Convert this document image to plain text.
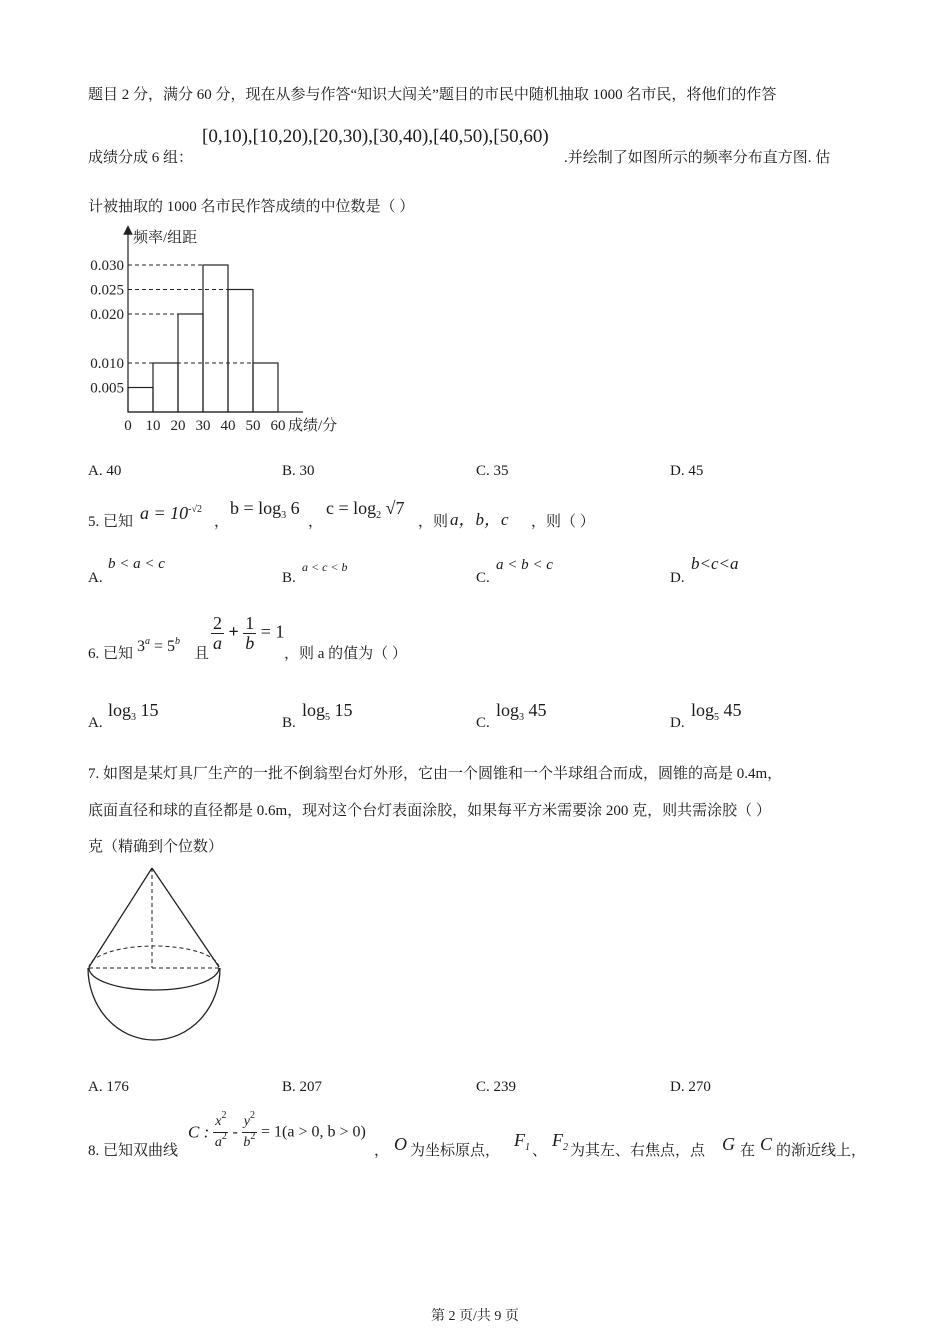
题目 2 分，满分 60 分，现在从参与作答“知识大闯关”题目的市民中随机抽取 1000 名市民，将他们的作答
成绩分成 6 组：
[0,10),[10,20),[20,30),[30,40),[40,50),[50,60)
.并绘制了如图所示的频率分布直方图. 估
计被抽取的 1000 名市民作答成绩的中位数是（ ）
频率/组距
成绩/分
0.005
0.010
0.020
0.025
0.030
0 10 20 30 40 50 60
A. 40	B. 30	C. 35	D. 45
5. 已知 $a = 10^{-√2}$
，
$b = \log_3 6$
，
$c = \log_2 √7$
，则 a，b，c ，则（ ）
A.
b < a < c
B.
a < c < b
C.
a < b < c
D.
b<c<a
6. 已知 $3^a = 5^b$
且
$\frac{2}{a} + \frac{1}{b} = 1$
，则 a 的值为（ ）
A.
$\log_3 15$
B.
$\log_5 15$
C.
$\log_3 45$
D.
$\log_5 45$
7. 如图是某灯具厂生产的一批不倒翁型台灯外形，它由一个圆锥和一个半球组合而成，圆锥的高是 0.4m，
底面直径和球的直径都是 0.6m，现对这个台灯表面涂胶，如果每平方米需要涂 200 克，则共需涂胶（ ）
克（精确到个位数）
A. 176	B. 207	C. 239	D. 270
8. 已知双曲线
C : $\frac{x^2}{a^2} - \frac{y^2}{b^2} = 1(a > 0$, b > 0)
， O 为坐标原点，
$F_1$ 、
$F_2$ 为其左、右焦点，点 G 在 C 的渐近线上，
第 2 页/共 9 页
